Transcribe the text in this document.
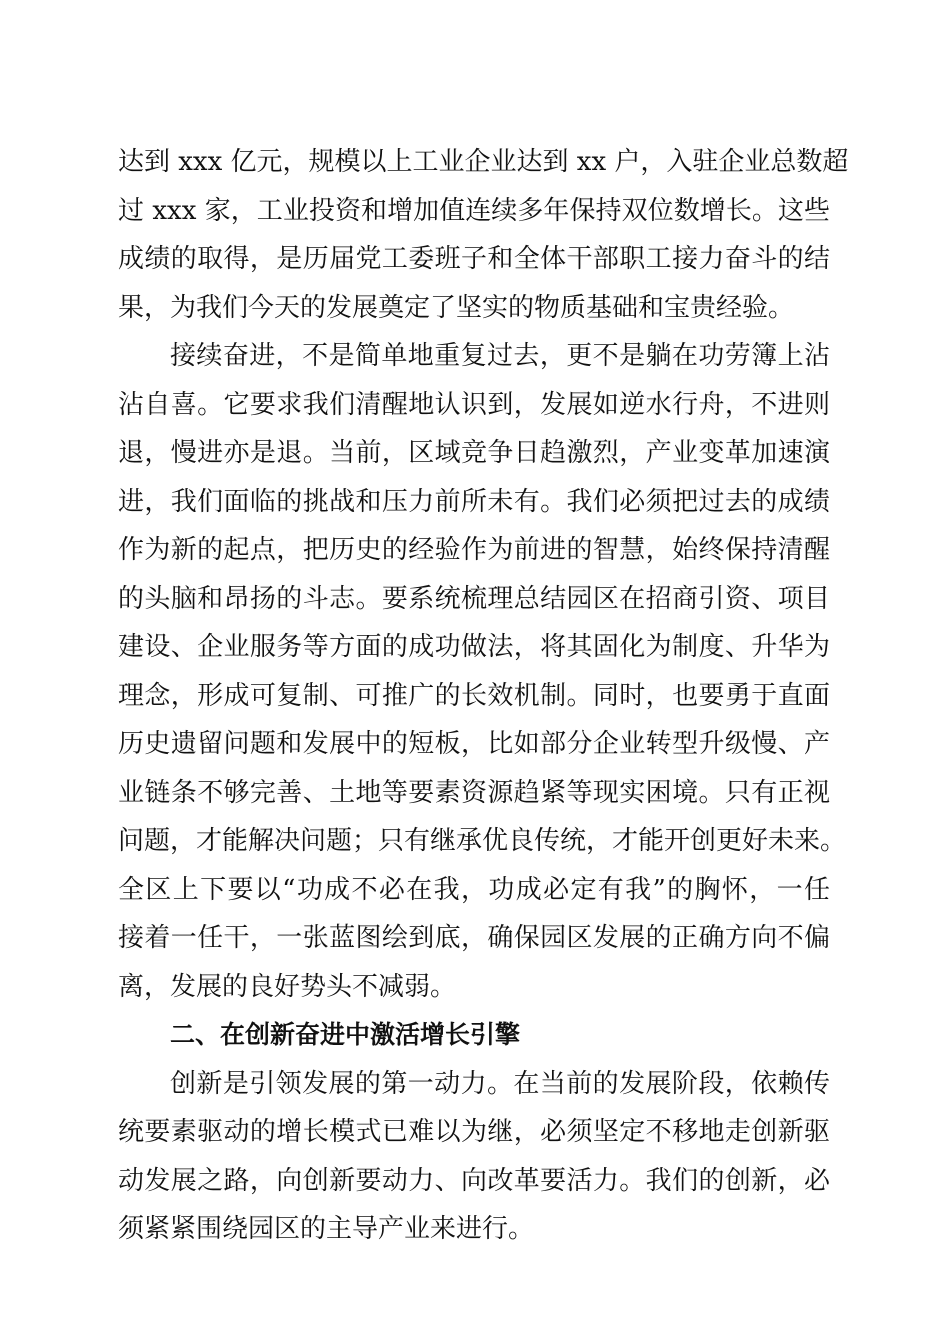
达到 xxx 亿元，规模以上工业企业达到 xx 户，入驻企业总数超
过 xxx 家，工业投资和增加值连续多年保持双位数增长。这些
成绩的取得，是历届党工委班子和全体干部职工接力奋斗的结
果，为我们今天的发展奠定了坚实的物质基础和宝贵经验。
接续奋进，不是简单地重复过去，更不是躺在功劳簿上沾
沾自喜。它要求我们清醒地认识到，发展如逆水行舟，不进则
退，慢进亦是退。当前，区域竞争日趋激烈，产业变革加速演
进，我们面临的挑战和压力前所未有。我们必须把过去的成绩
作为新的起点，把历史的经验作为前进的智慧，始终保持清醒
的头脑和昂扬的斗志。要系统梳理总结园区在招商引资、项目
建设、企业服务等方面的成功做法，将其固化为制度、升华为
理念，形成可复制、可推广的长效机制。同时，也要勇于直面
历史遗留问题和发展中的短板，比如部分企业转型升级慢、产
业链条不够完善、土地等要素资源趋紧等现实困境。只有正视
问题，才能解决问题；只有继承优良传统，才能开创更好未来。
全区上下要以“功成不必在我，功成必定有我”的胸怀，一任
接着一任干，一张蓝图绘到底，确保园区发展的正确方向不偏
离，发展的良好势头不减弱。
二、在创新奋进中激活增长引擎
创新是引领发展的第一动力。在当前的发展阶段，依赖传
统要素驱动的增长模式已难以为继，必须坚定不移地走创新驱
动发展之路，向创新要动力、向改革要活力。我们的创新，必
须紧紧围绕园区的主导产业来进行。
